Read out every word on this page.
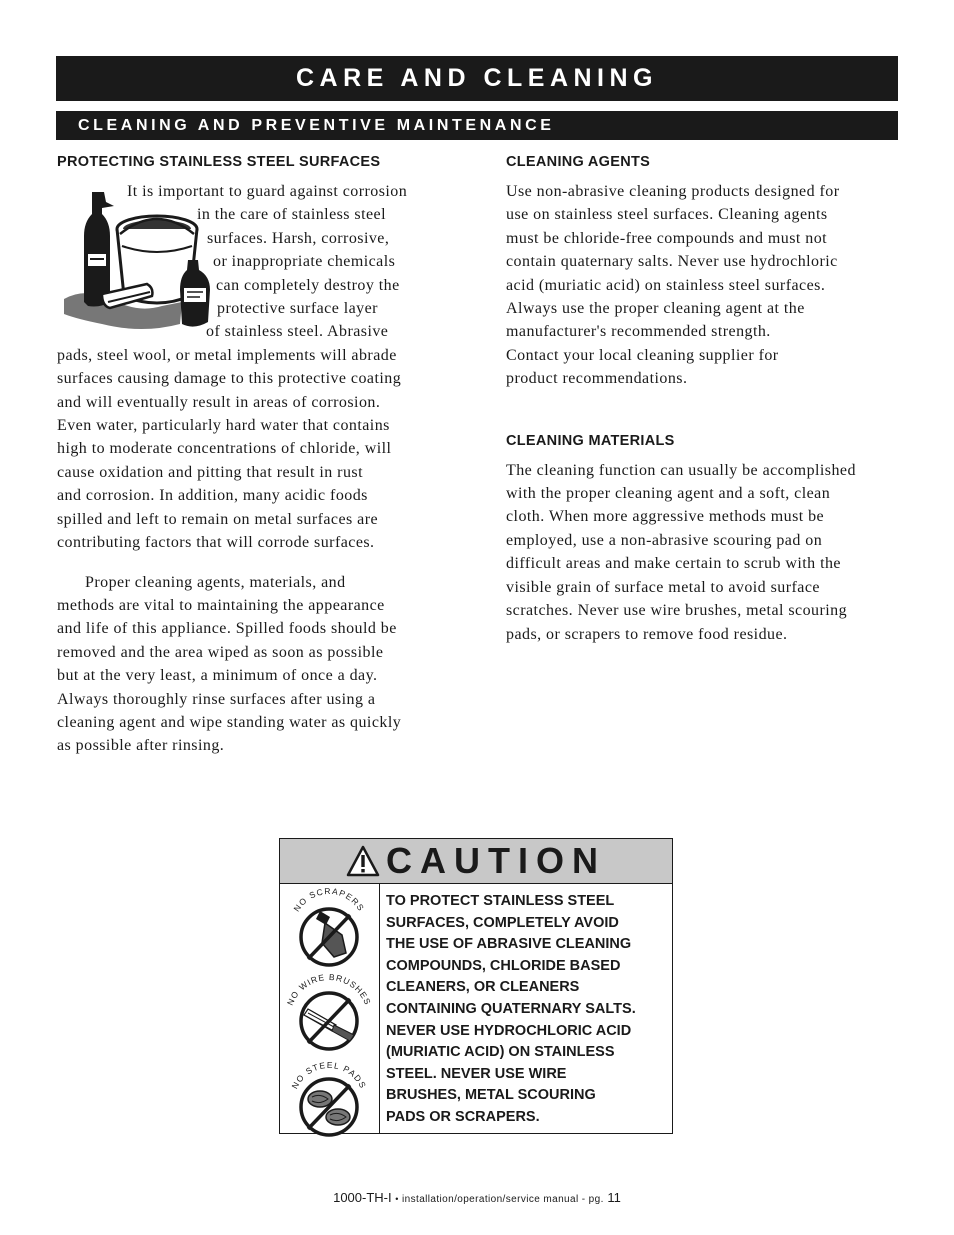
CARE AND CLEANING
CLEANING AND PREVENTIVE MAINTENANCE
PROTECTING STAINLESS STEEL SURFACES

It is important to guard against corrosion
in the care of stainless steel
surfaces. Harsh, corrosive,
or inappropriate chemicals
can completely destroy the
protective surface layer
of stainless steel. Abrasive
pads, steel wool, or metal implements will abrade
surfaces causing damage to this protective coating
and will eventually result in areas of corrosion.
Even water, particularly hard water that contains
high to moderate concentrations of chloride, will
cause oxidation and pitting that result in rust
and corrosion. In addition, many acidic foods
spilled and left to remain on metal surfaces are
contributing factors that will corrode surfaces.

Proper cleaning agents, materials, and
methods are vital to maintaining the appearance
and life of this appliance. Spilled foods should be
removed and the area wiped as soon as possible
but at the very least, a minimum of once a day.
Always thoroughly rinse surfaces after using a
cleaning agent and wipe standing water as quickly
as possible after rinsing.

CLEANING AGENTS

Use non-abrasive cleaning products designed for
use on stainless steel surfaces. Cleaning agents
must be chloride-free compounds and must not
contain quaternary salts. Never use hydrochloric
acid (muriatic acid) on stainless steel surfaces.
Always use the proper cleaning agent at the
manufacturer's recommended strength.
Contact your local cleaning supplier for
product recommendations.

CLEANING MATERIALS

The cleaning function can usually be accomplished
with the proper cleaning agent and a soft, clean
cloth. When more aggressive methods must be
employed, use a non-abrasive scouring pad on
difficult areas and make certain to scrub with the
visible grain of surface metal to avoid surface
scratches. Never use wire brushes, metal scouring
pads, or scrapers to remove food residue.

CAUTION
NO SCRAPERS
NO WIRE BRUSHES
NO STEEL PADS
TO PROTECT STAINLESS STEEL
SURFACES, COMPLETELY AVOID
THE USE OF ABRASIVE CLEANING
COMPOUNDS, CHLORIDE BASED
CLEANERS, OR CLEANERS
CONTAINING QUATERNARY SALTS.
NEVER USE HYDROCHLORIC ACID
(MURIATIC ACID) ON STAINLESS
STEEL. NEVER USE WIRE
BRUSHES, METAL SCOURING
PADS OR SCRAPERS.
1000-TH-I • installation/operation/service manual - pg. 11
